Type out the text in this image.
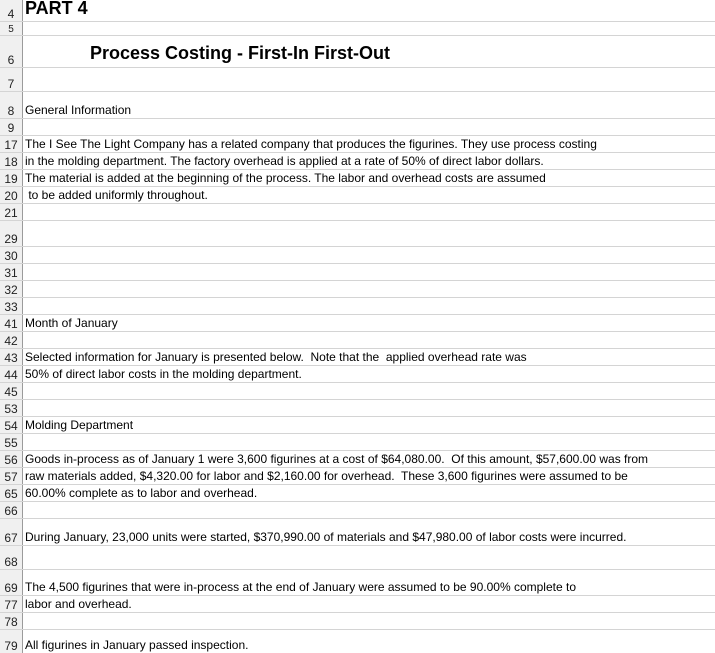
4 PART 4
5
6	Process Costing - First-In First-Out
7
8 General Information
9
17 The I See The Light Company has a related company that produces the figurines. They use process costing
18 in the molding department. The factory overhead is applied at a rate of 50% of direct labor dollars.
19 The material is added at the beginning of the process. The labor and overhead costs are assumed
20 to be added uniformly throughout.
21
29
30
31
32
33
41 Month of January
42
43 Selected information for January is presented below.  Note that the  applied overhead rate was
44 50% of direct labor costs in the molding department.
45
53
54 Molding Department
55
56 Goods in-process as of January 1 were 3,600 figurines at a cost of $64,080.00.  Of this amount, $57,600.00 was from
57 raw materials added, $4,320.00 for labor and $2,160.00 for overhead.  These 3,600 figurines were assumed to be
65 60.00% complete as to labor and overhead.
66
67 During January, 23,000 units were started, $370,990.00 of materials and $47,980.00 of labor costs were incurred.
68
69 The 4,500 figurines that were in-process at the end of January were assumed to be 90.00% complete to
77 labor and overhead.
78
79 All figurines in January passed inspection.
